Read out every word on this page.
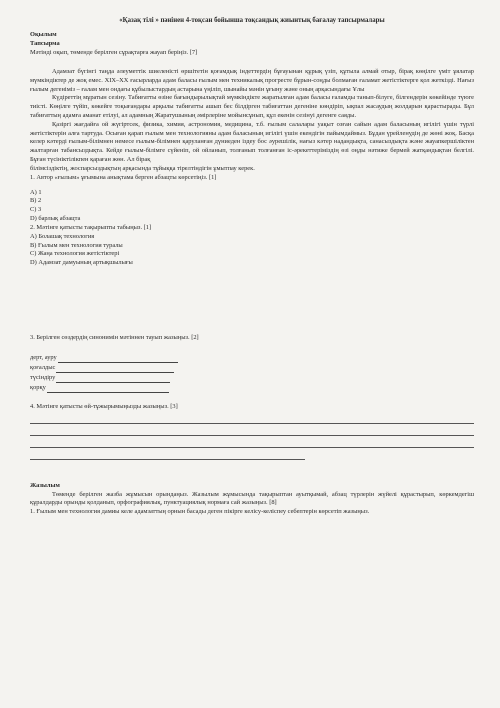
«Қазақ тілі » пәнінен 4-тоқсан бойынша тоқсандық жиынтық бағалау тапсырмалары

Оқылым

Тапсырма

Мәтінді оқып, төменде берілген сұрақтарға жауап беріңіз. [7]

Адамзат бүгінгі таңда әлеуметтік шиеленісті өршітетін қоғамдық індеттердің бұғауынан құрық үзіп, құтыла алмай отыр, бірақ көңілге үміт ұялатар мүмкіндіктер де жоқ емес. XIX–XX ғасырларда адам баласы ғылым мен техникалық прогресте бұрын-соңды болмаған ғаламат жетістіктерге қол жеткізді. Нағыз ғылым дегеніміз – ғалам мен ондағы құбылыстардың астарына үңіліп, шынайы мәнін ұғыну және оның арқасындағы Ұлы

Күдіреттің мұратын сезіну. Табиғатты өзіне бағындырылықтай мүмкіндікте жаратылған адам баласы ғаламды танып-білуге, білгендерін көкейінде түюге тиісті. Көңілге түйіп, көкейге тоқығандары арқылы табиғатты ашып бес білдірген табиғаттан дегеніне көндіріп, ықпал жасаудың жолдарын қарастырады. Бұл табиғаттың адамға аманат етілуі, ал адамның Жаратушының әмірлеріне мойынсұнып, құл екенін сезінуі дегенге саяды.

Қазіргі жағдайға ой жүгіртсек, физика, химия, астрономия, медицина, т.б. ғылым салалары уақыт озған сайын адам баласының игілігі үшін түрлі жетістіктерін алға тартуда. Осыған қарап ғылым мен технологияны адам баласының игілігі үшін екендігін пайымдаймыз. Бұдан үрейленудің де жөні жоқ. Басқа келер кәтерді ғылым-білімнен немесе ғылым-білімнен қаруланған дүниеден іздеу бос әурешілік, нағыз кәтер надандықта, санасыздықта және жауапкершіліктен жалтарған табансыздықта. Кейде ғылым-білімге сүйеніп, ой ойланып, толғанып толғанған іс-әрекеттеріміздің өзі оңды нәтиже бермей жатқандықтан белгілі. Бұған түсініктілікпен қараған жөн. Ал бірақ

білімсіздіктің, жоспарсыздықтың арқасында тұйыққа тірелтіндігін ұмытпау керек.

1. Автор «ғылым» ұғымына анықтама берген абзацты көрсетіңіз. [1]

A) 1

B) 2

C) 3

D) барлық абзацта

2. Мәтінге қатысты тақырыпты табыңыз. [1]

A) Болашақ технология

B) Ғылым мен технология туралы

C) Жаңа технология жетістіктері

D) Адамзат дамуының артықшылығы

3. Берілген сөздердің синонимін мәтіннен тауып жазыңыз. [2]

дерт, ауру
қоғалдыс
түсіндіру
қорқу

4. Мәтінге қатысты өй-тұжырымыңызды жазыңыз. [3]

Жазылым

Төменде берілген жазба жұмысын орындаңыз. Жазылым жұмысында тақырыптан ауытқымай, абзац түрлерін жүйелі құрастырып, көркемдегіш құралдарды орынды қолданып, орфографиялық, пунктуациялық нормаға сай жазыңыз. [8]

1. Ғылым мен технология дамиы келе адамзаттың орнын басады деген пікірге келісу-келіспеу себептерін көрсетіп жазыңыз.
